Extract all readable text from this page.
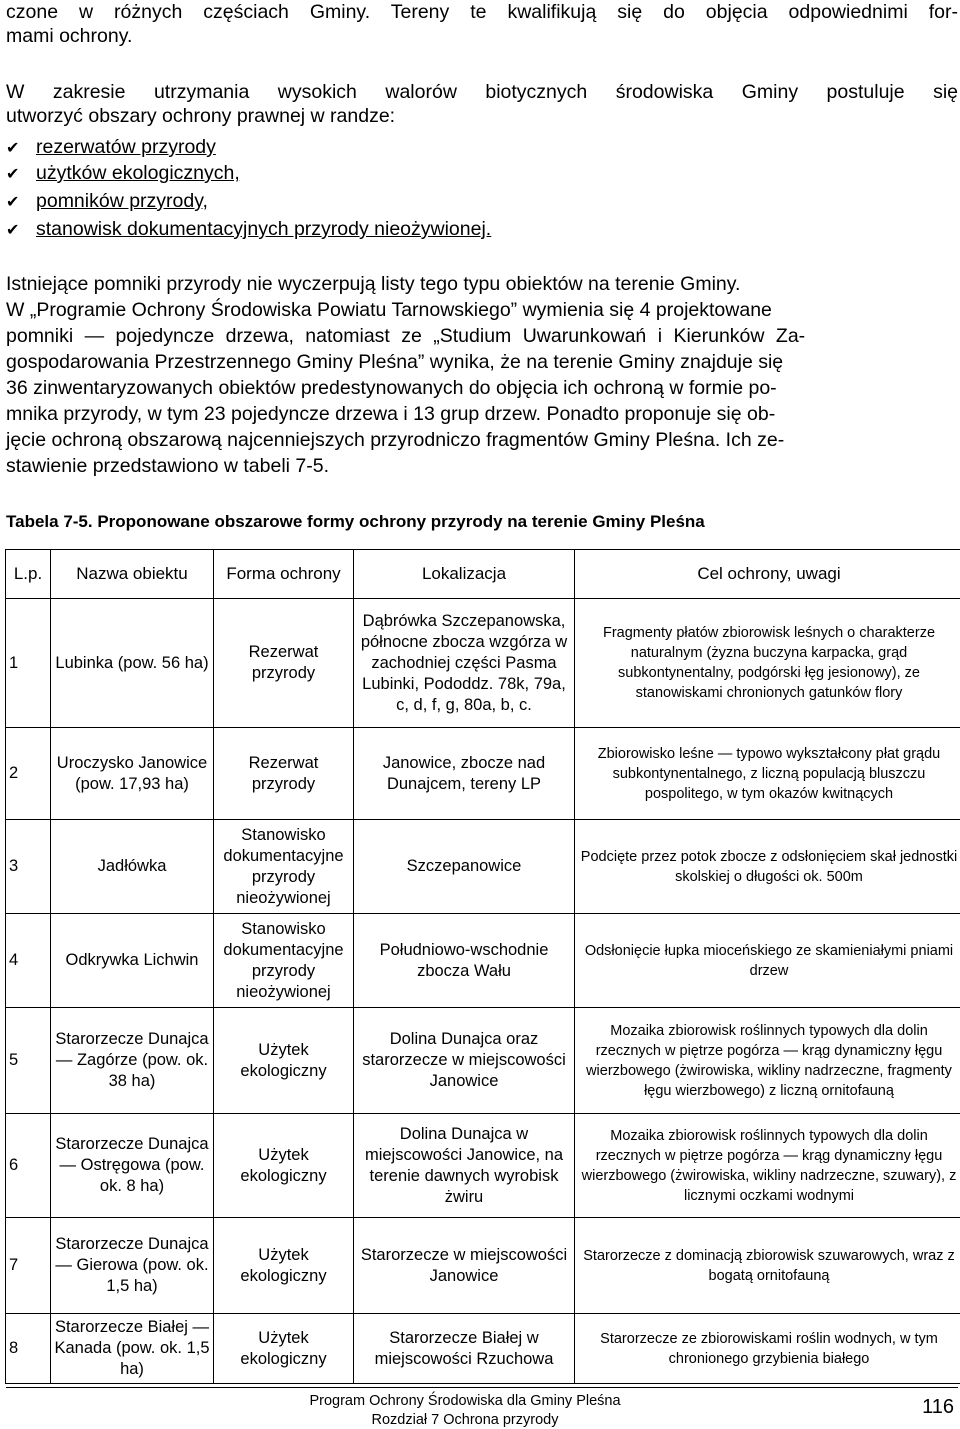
czone w różnych częściach Gminy. Tereny te kwalifikują się do objęcia odpowiednimi for-
mami ochrony.
W zakresie utrzymania wysokich walorów biotycznych środowiska Gminy postuluje się
utworzyć obszary ochrony prawnej w randze:
✔ rezerwatów przyrody
✔ użytków ekologicznych,
✔ pomników przyrody,
✔ stanowisk dokumentacyjnych przyrody nieożywionej.
Istniejące pomniki przyrody nie wyczerpują listy tego typu obiektów na terenie Gminy.
W „Programie Ochrony Środowiska Powiatu Tarnowskiego” wymienia się 4 projektowane
pomniki — pojedyncze drzewa, natomiast ze „Studium Uwarunkowań i Kierunków Za-
gospodarowania Przestrzennego Gminy Pleśna” wynika, że na terenie Gminy znajduje się
36 zinwentaryzowanych obiektów predestynowanych do objęcia ich ochroną w formie po-
mnika przyrody, w tym 23 pojedyncze drzewa i 13 grup drzew. Ponadto proponuje się ob-
jęcie ochroną obszarową najcenniejszych przyrodniczo fragmentów Gminy Pleśna. Ich ze-
stawienie przedstawiono w tabeli 7-5.
Tabela 7-5. Proponowane obszarowe formy ochrony przyrody na terenie Gminy Pleśna
L.p.	Nazwa obiektu	Forma ochrony	Lokalizacja	Cel ochrony, uwagi
1	Lubinka (pow. 56 ha)	Rezerwat przyrody	Dąbrówka Szczepanowska, północne zbocza wzgórza w zachodniej części Pasma Lubinki, Pododdz. 78k, 79a, c, d, f, g, 80a, b, c.	Fragmenty płatów zbiorowisk leśnych o charakterze naturalnym (żyzna buczyna karpacka, grąd subkontynentalny, podgórski łęg jesionowy), ze stanowiskami chronionych gatunków flory
2	Uroczysko Janowice (pow. 17,93 ha)	Rezerwat przyrody	Janowice, zbocze nad Dunajcem, tereny LP	Zbiorowisko leśne — typowo wykształcony płat grądu subkontynentalnego, z liczną populacją bluszczu pospolitego, w tym okazów kwitnących
3	Jadłówka	Stanowisko dokumentacyjne przyrody nieożywionej	Szczepanowice	Podcięte przez potok zbocze z odsłonięciem skał jednostki skolskiej o długości ok. 500m
4	Odkrywka Lichwin	Stanowisko dokumentacyjne przyrody nieożywionej	Południowo-wschodnie zbocza Wału	Odsłonięcie łupka mioceńskiego ze skamieniałymi pniami drzew
5	Starorzecze Dunajca — Zagórze (pow. ok. 38 ha)	Użytek ekologiczny	Dolina Dunajca oraz starorzecze w miejscowości Janowice	Mozaika zbiorowisk roślinnych typowych dla dolin rzecznych w piętrze pogórza — krąg dynamiczny łęgu wierzbowego (żwirowiska, wikliny nadrzeczne, fragmenty łęgu wierzbowego) z liczną ornitofauną
6	Starorzecze Dunajca — Ostręgowa (pow. ok. 8 ha)	Użytek ekologiczny	Dolina Dunajca w miejscowości Janowice, na terenie dawnych wyrobisk żwiru	Mozaika zbiorowisk roślinnych typowych dla dolin rzecznych w piętrze pogórza — krąg dynamiczny łęgu wierzbowego (żwirowiska, wikliny nadrzeczne, szuwary), z licznymi oczkami wodnymi
7	Starorzecze Dunajca — Gierowa (pow. ok. 1,5 ha)	Użytek ekologiczny	Starorzecze w miejscowości Janowice	Starorzecze z dominacją zbiorowisk szuwarowych, wraz z bogatą ornitofauną
8	Starorzecze Białej — Kanada (pow. ok. 1,5 ha)	Użytek ekologiczny	Starorzecze Białej w miejscowości Rzuchowa	Starorzecze ze zbiorowiskami roślin wodnych, w tym chronionego grzybienia białego
Program Ochrony Środowiska dla Gminy Pleśna
Rozdział 7 Ochrona przyrody
116
